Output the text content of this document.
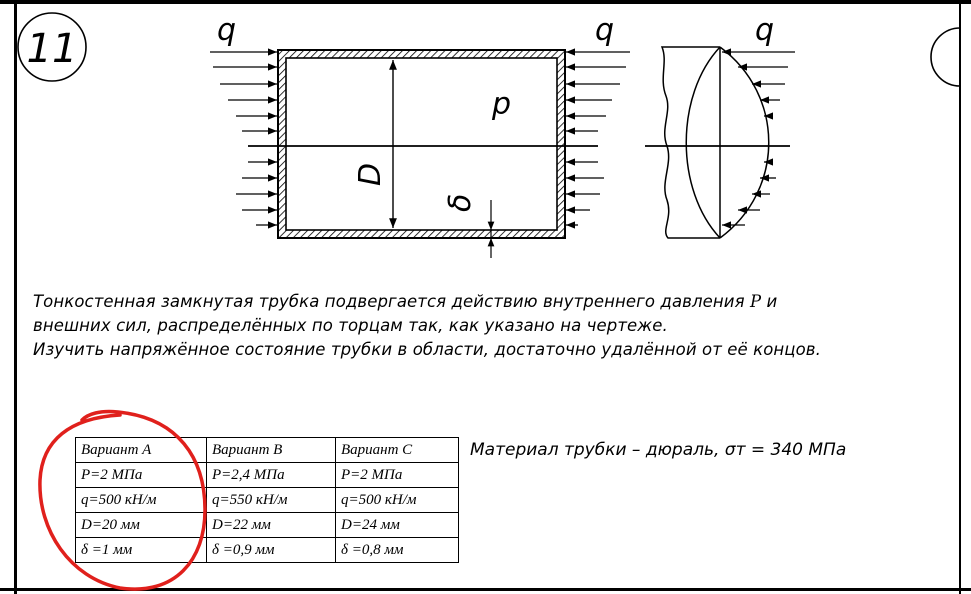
11	q	q	q
p
D
δ
Тонкостенная замкнутая трубка подвергается действию внутреннего давления P и
внешних сил, распределённых по торцам так, как указано на чертеже.
Изучить напряжённое состояние трубки в области, достаточно удалённой от её концов.
Вариант A	Вариант B	Вариант C
P=2 МПа	P=2,4 МПа	P=2 МПа
q=500 кН/м	q=550 кН/м	q=500 кН/м
D=20 мм	D=22 мм	D=24 мм
δ =1 мм	δ =0,9 мм	δ =0,8 мм
Материал трубки – дюраль, σт = 340 МПа
